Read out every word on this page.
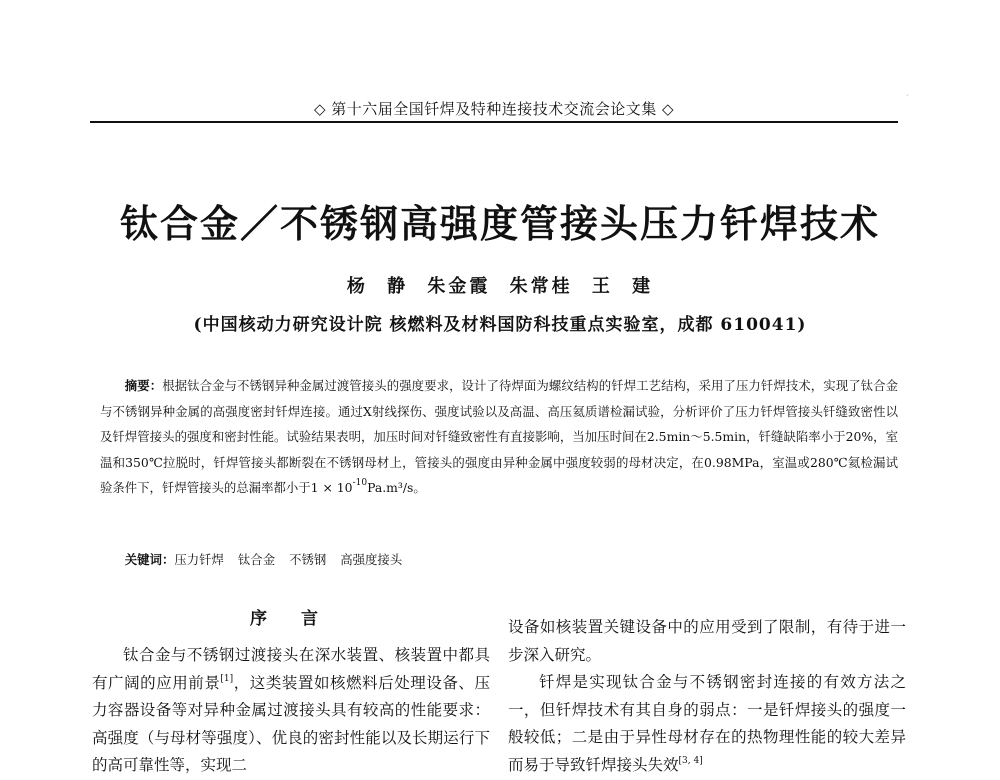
◇ 第十六届全国钎焊及特种连接技术交流会论文集 ◇
ˊ
钛合金／不锈钢高强度管接头压力钎焊技术
杨 静 朱金霞 朱常桂 王 建
(中国核动力研究设计院 核燃料及材料国防科技重点实验室，成都 610041)

摘要：根据钛合金与不锈钢异种金属过渡管接头的强度要求，设计了待焊面为螺纹结构的钎焊工艺结构，采用了压力钎焊技术，实现了钛合金与不锈钢异种金属的高强度密封钎焊连接。通过X射线探伤、强度试验以及高温、高压氦质谱检漏试验，分析评价了压力钎焊管接头钎缝致密性以及钎焊管接头的强度和密封性能。试验结果表明，加压时间对钎缝致密性有直接影响，当加压时间在2.5min～5.5min，钎缝缺陷率小于20%，室温和350℃拉脱时，钎焊管接头都断裂在不锈钢母材上，管接头的强度由异种金属中强度较弱的母材决定，在0.98MPa，室温或280℃氦检漏试验条件下，钎焊管接头的总漏率都小于$1 \times 10^{-10}Pa.m^3/s$。

关键词：压力钎焊 钛合金 不锈钢 高强度接头

序 言

钛合金与不锈钢过渡接头在深水装置、核装置中都具有广阔的应用前景[1]，这类装置如核燃料后处理设备、压力容器设备等对异种金属过渡接头具有较高的性能要求：高强度（与母材等强度）、优良的密封性能以及长期运行下的高可靠性等，实现二

设备如核装置关键设备中的应用受到了限制，有待于进一步深入研究。

钎焊是实现钛合金与不锈钢密封连接的有效方法之一，但钎焊技术有其自身的弱点：一是钎焊接头的强度一般较低；二是由于异性母材存在的热物理性能的较大差异而易于导致钎焊接头失效[3, 4]
